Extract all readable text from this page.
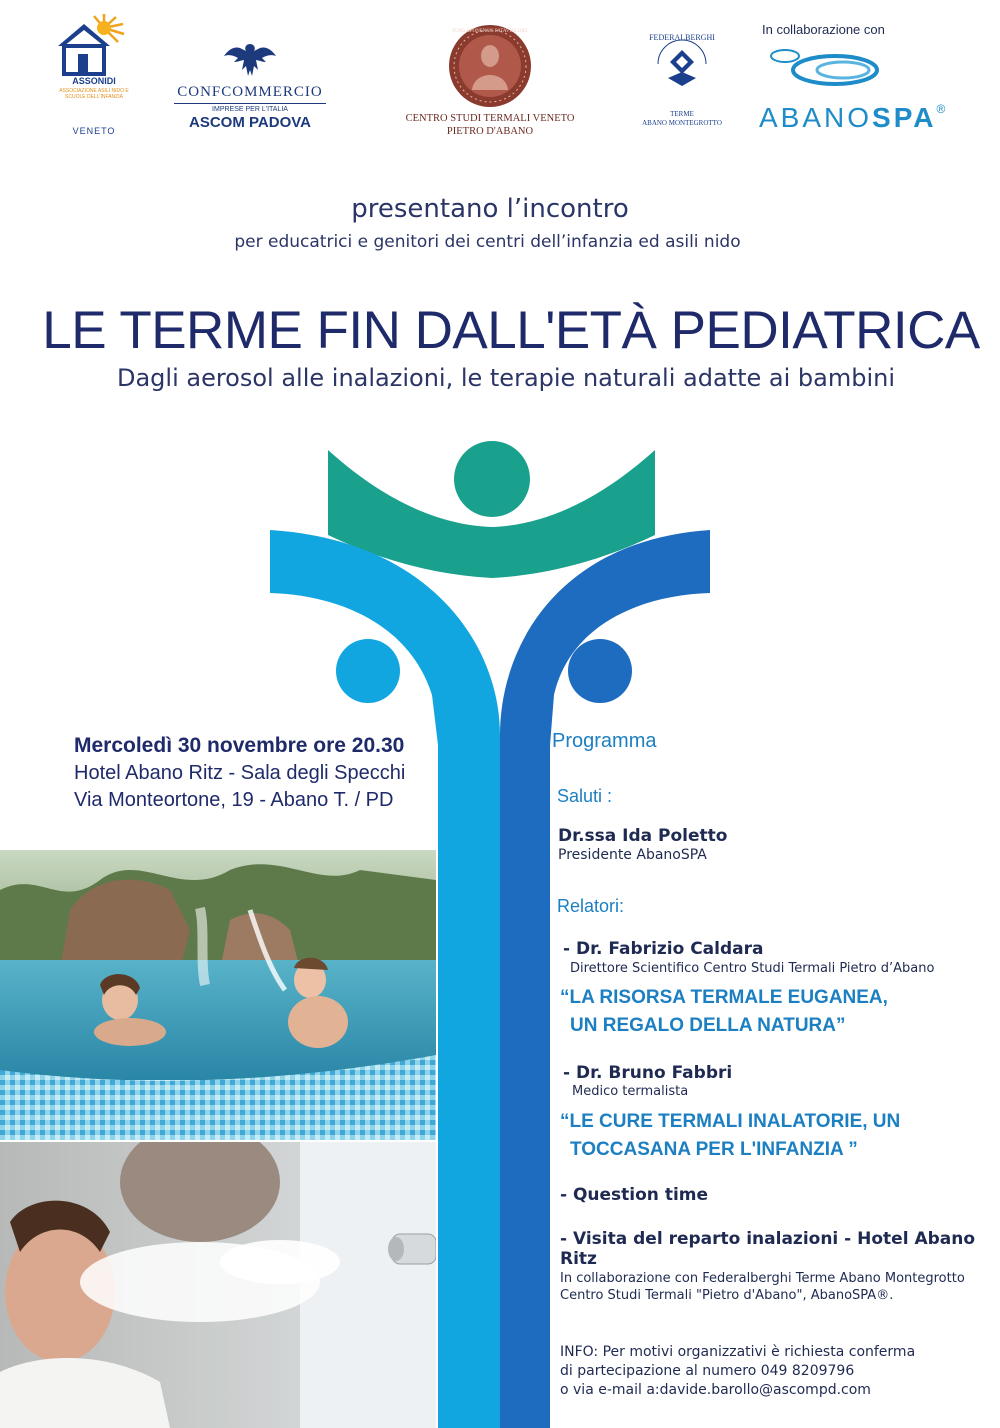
ASSONIDI
ASSOCIAZIONE ASILI NIDO E SCUOLE DELL'INFANZIA
VENETO
CONFCOMMERCIO
IMPRESE PER L'ITALIA
ASCOM PADOVA
FONS APONENSIS PATAVINI DIEI
CENTRO STUDI TERMALI VENETO
PIETRO D'ABANO
FEDERALBERGHI
TERME
ABANO MONTEGROTTO
In collaborazione con
ABANOSPA®
presentano l’incontro
per educatrici e genitori dei centri dell’infanzia ed asili nido
LE TERME FIN DALL'ETÀ PEDIATRICA
Dagli aerosol alle inalazioni, le terapie naturali adatte ai bambini
Mercoledì 30 novembre ore 20.30
Hotel Abano Ritz - Sala degli Specchi
Via Monteortone, 19 - Abano T. / PD
Programma
Saluti :
Dr.ssa Ida Poletto
Presidente AbanoSPA
Relatori:
- Dr. Fabrizio Caldara
Direttore Scientifico Centro Studi Termali Pietro d’Abano
“LA RISORSA TERMALE EUGANEA,
UN REGALO DELLA NATURA”
- Dr. Bruno Fabbri
Medico termalista
“LE CURE TERMALI INALATORIE, UN
TOCCASANA PER L'INFANZIA ”
- Question time
- Visita del reparto inalazioni - Hotel Abano Ritz
In collaborazione con Federalberghi Terme Abano Montegrotto
Centro Studi Termali "Pietro d'Abano", AbanoSPA®.
INFO: Per motivi organizzativi è richiesta conferma
di partecipazione al numero 049 8209796
o via e-mail a:davide.barollo@ascompd.com
